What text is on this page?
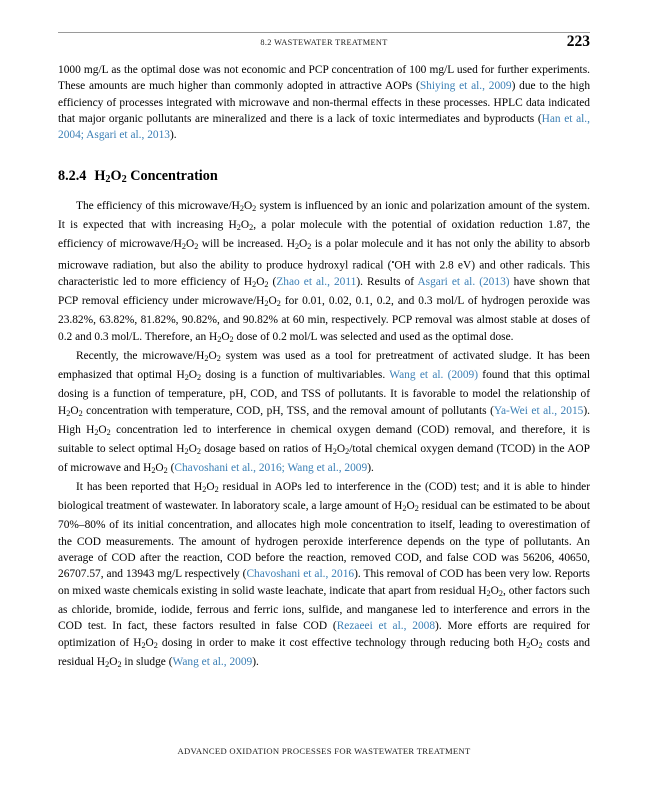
8.2 WASTEWATER TREATMENT	223

1000 mg/L as the optimal dose was not economic and PCP concentration of 100 mg/L used for further experiments. These amounts are much higher than commonly adopted in attractive AOPs (Shiying et al., 2009) due to the high efficiency of processes integrated with microwave and non-thermal effects in these processes. HPLC data indicated that major organic pollutants are mineralized and there is a lack of toxic intermediates and byproducts (Han et al., 2004; Asgari et al., 2013).

8.2.4 $H_2O_2$ Concentration

The efficiency of this microwave/$H_2O_2$ system is influenced by an ionic and polarization amount of the system. It is expected that with increasing $H_2O_2$, a polar molecule with the potential of oxidation reduction 1.87, the efficiency of microwave/$H_2O_2$ will be increased. $H_2O_2$ is a polar molecule and it has not only the ability to absorb microwave radiation, but also the ability to produce hydroxyl radical (•OH with 2.8 eV) and other radicals. This characteristic led to more efficiency of $H_2O_2$ (Zhao et al., 2011). Results of Asgari et al. (2013) have shown that PCP removal efficiency under microwave/$H_2O_2$ for 0.01, 0.02, 0.1, 0.2, and 0.3 mol/L of hydrogen peroxide was 23.82%, 63.82%, 81.82%, 90.82%, and 90.82% at 60 min, respectively. PCP removal was almost stable at doses of 0.2 and 0.3 mol/L. Therefore, an $H_2O_2$ dose of 0.2 mol/L was selected and used as the optimal dose.

Recently, the microwave/$H_2O_2$ system was used as a tool for pretreatment of activated sludge. It has been emphasized that optimal $H_2O_2$ dosing is a function of multivariables. Wang et al. (2009) found that this optimal dosing is a function of temperature, pH, COD, and TSS of pollutants. It is favorable to model the relationship of $H_2O_2$ concentration with temperature, COD, pH, TSS, and the removal amount of pollutants (Ya-Wei et al., 2015). High $H_2O_2$ concentration led to interference in chemical oxygen demand (COD) removal, and therefore, it is suitable to select optimal $H_2O_2$ dosage based on ratios of $H_2O_2$/total chemical oxygen demand (TCOD) in the AOP of microwave and $H_2O_2$ (Chavoshani et al., 2016; Wang et al., 2009).

It has been reported that $H_2O_2$ residual in AOPs led to interference in the (COD) test; and it is able to hinder biological treatment of wastewater. In laboratory scale, a large amount of $H_2O_2$ residual can be estimated to be about 70%–80% of its initial concentration, and allocates high mole concentration to itself, leading to overestimation of the COD measurements. The amount of hydrogen peroxide interference depends on the type of pollutants. An average of COD after the reaction, COD before the reaction, removed COD, and false COD was 56206, 40650, 26707.57, and 13943 mg/L respectively (Chavoshani et al., 2016). This removal of COD has been very low. Reports on mixed waste chemicals existing in solid waste leachate, indicate that apart from residual $H_2O_2$, other factors such as chloride, bromide, iodide, ferrous and ferric ions, sulfide, and manganese led to interference and errors in the COD test. In fact, these factors resulted in false COD (Rezaeei et al., 2008). More efforts are required for optimization of $H_2O_2$ dosing in order to make it cost effective technology through reducing both $H_2O_2$ costs and residual $H_2O_2$ in sludge (Wang et al., 2009).

ADVANCED OXIDATION PROCESSES FOR WASTEWATER TREATMENT
